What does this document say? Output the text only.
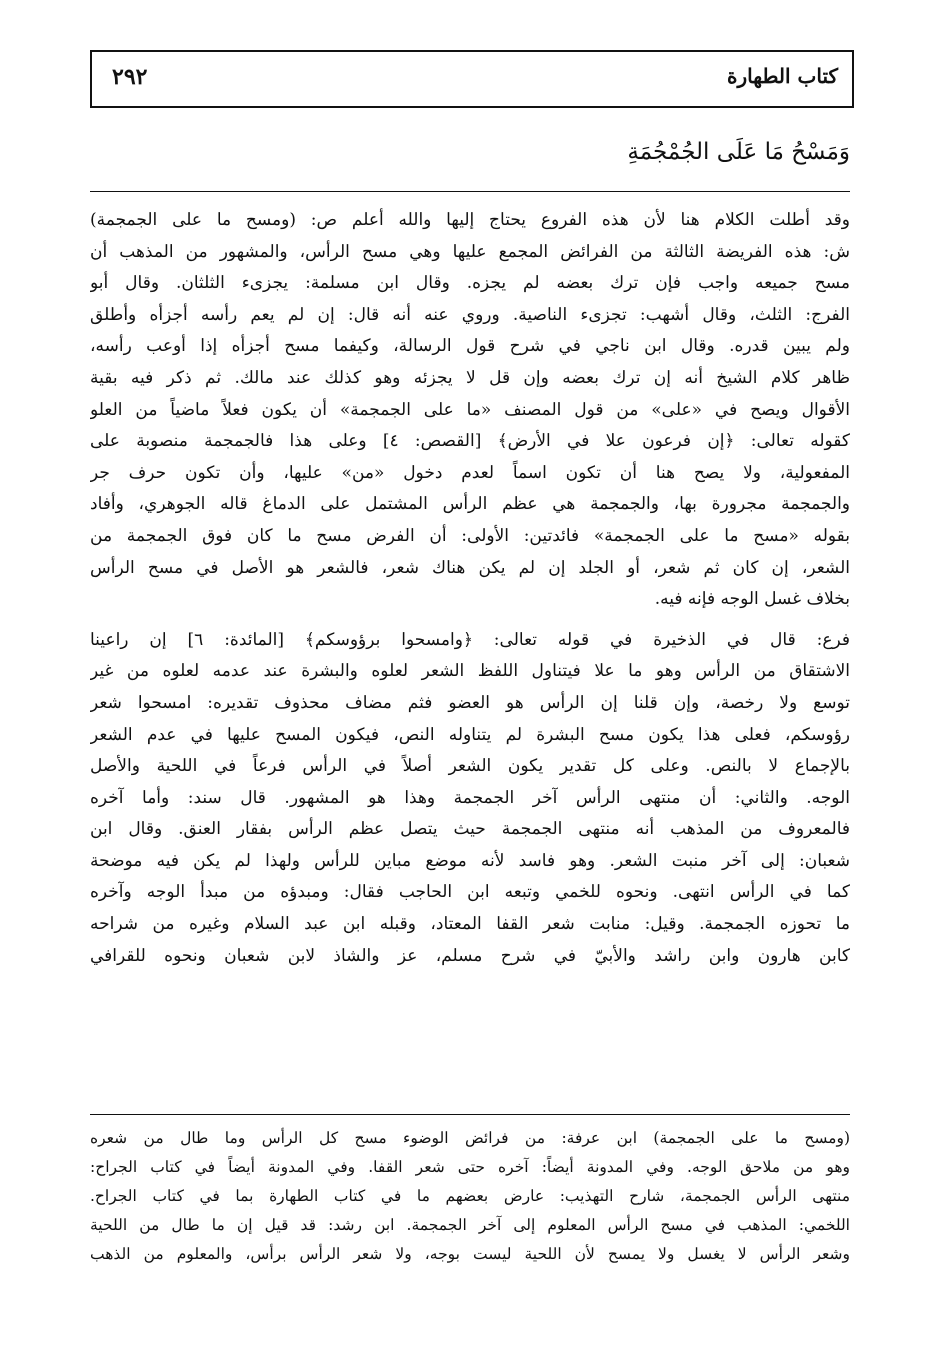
كتاب الطهارة
٢٩٢
وَمَسْحُ مَا عَلَى الجُمْجُمَةِ
وقد أطلت الكلام هنا لأن هذه الفروع يحتاج إليها والله أعلم ص: (ومسح ما على الجمجمة)
ش: هذه الفريضة الثالثة من الفرائض المجمع عليها وهي مسح الرأس، والمشهور من المذهب أن
مسح جميعه واجب فإن ترك بعضه لم يجزه. وقال ابن مسلمة: يجزىء الثلثان. وقال أبو
الفرج: الثلث، وقال أشهب: تجزىء الناصية. وروي عنه أنه قال: إن لم يعم رأسه أجزأه وأطلق
ولم يبين قدره. وقال ابن ناجي في شرح قول الرسالة، وكيفما مسح أجزأه إذا أوعب رأسه،
ظاهر كلام الشيخ أنه إن ترك بعضه وإن قل لا يجزئه وهو كذلك عند مالك. ثم ذكر فيه بقية
الأقوال ويصح في «على» من قول المصنف «ما على الجمجمة» أن يكون فعلاً ماضياً من العلو
كقوله تعالى: ﴿إن فرعون علا في الأرض﴾ [القصص: ٤] وعلى هذا فالجمجمة منصوبة على
المفعولية، ولا يصح هنا أن تكون اسماً لعدم دخول «من» عليها، وأن تكون حرف جر
والجمجمة مجرورة بها، والجمجمة هي عظم الرأس المشتمل على الدماغ قاله الجوهري، وأفاد
بقوله «مسح ما على الجمجمة» فائدتين: الأولى: أن الفرض مسح ما كان فوق الجمجمة من
الشعر، إن كان ثم شعر، أو الجلد إن لم يكن هناك شعر، فالشعر هو الأصل في مسح الرأس
بخلاف غسل الوجه فإنه فيه.
فرع: قال في الذخيرة في قوله تعالى: ﴿وامسحوا برؤوسكم﴾ [المائدة: ٦] إن راعينا
الاشتقاق من الرأس وهو ما علا فيتناول اللفظ الشعر لعلوه والبشرة عند عدمه لعلوه من غير
توسع ولا رخصة، وإن قلنا إن الرأس هو العضو فثم مضاف محذوف تقديره: امسحوا شعر
رؤوسكم، فعلى هذا يكون مسح البشرة لم يتناوله النص، فيكون المسح عليها في عدم الشعر
بالإجماع لا بالنص. وعلى كل تقدير يكون الشعر أصلاً في الرأس فرعاً في اللحية والأصل
الوجه. والثاني: أن منتهى الرأس آخر الجمجمة وهذا هو المشهور. قال سند: وأما آخره
فالمعروف من المذهب أنه منتهى الجمجمة حيث يتصل عظم الرأس بفقار العنق. وقال ابن
شعبان: إلى آخر منبت الشعر. وهو فاسد لأنه موضع مباين للرأس ولهذا لم يكن فيه موضحة
كما في الرأس انتهى. ونحوه للخمي وتبعه ابن الحاجب فقال: ومبدؤه من مبدأ الوجه وآخره
ما تحوزه الجمجمة. وقيل: منابت شعر القفا المعتاد، وقبله ابن عبد السلام وغيره من شراحه
كابن هارون وابن راشد والأبيّ في شرح مسلم، عز والشاذ لابن شعبان ونحوه للقرافي
(ومسح ما على الجمجمة) ابن عرفة: من فرائض الوضوء مسح كل الرأس وما طال من شعره
وهو من ملاحق الوجه. وفي المدونة أيضاً: آخره حتى شعر القفا. وفي المدونة أيضاً في كتاب الجراح:
منتهى الرأس الجمجمة، شارح التهذيب: عارض بعضهم ما في كتاب الطهارة بما في كتاب الجراح.
اللخمي: المذهب في مسح الرأس المعلوم إلى آخر الجمجمة. ابن رشد: قد قيل إن ما طال من اللحية
وشعر الرأس لا يغسل ولا يمسح لأن اللحية ليست بوجه، ولا شعر الرأس برأس، والمعلوم من الذهب
